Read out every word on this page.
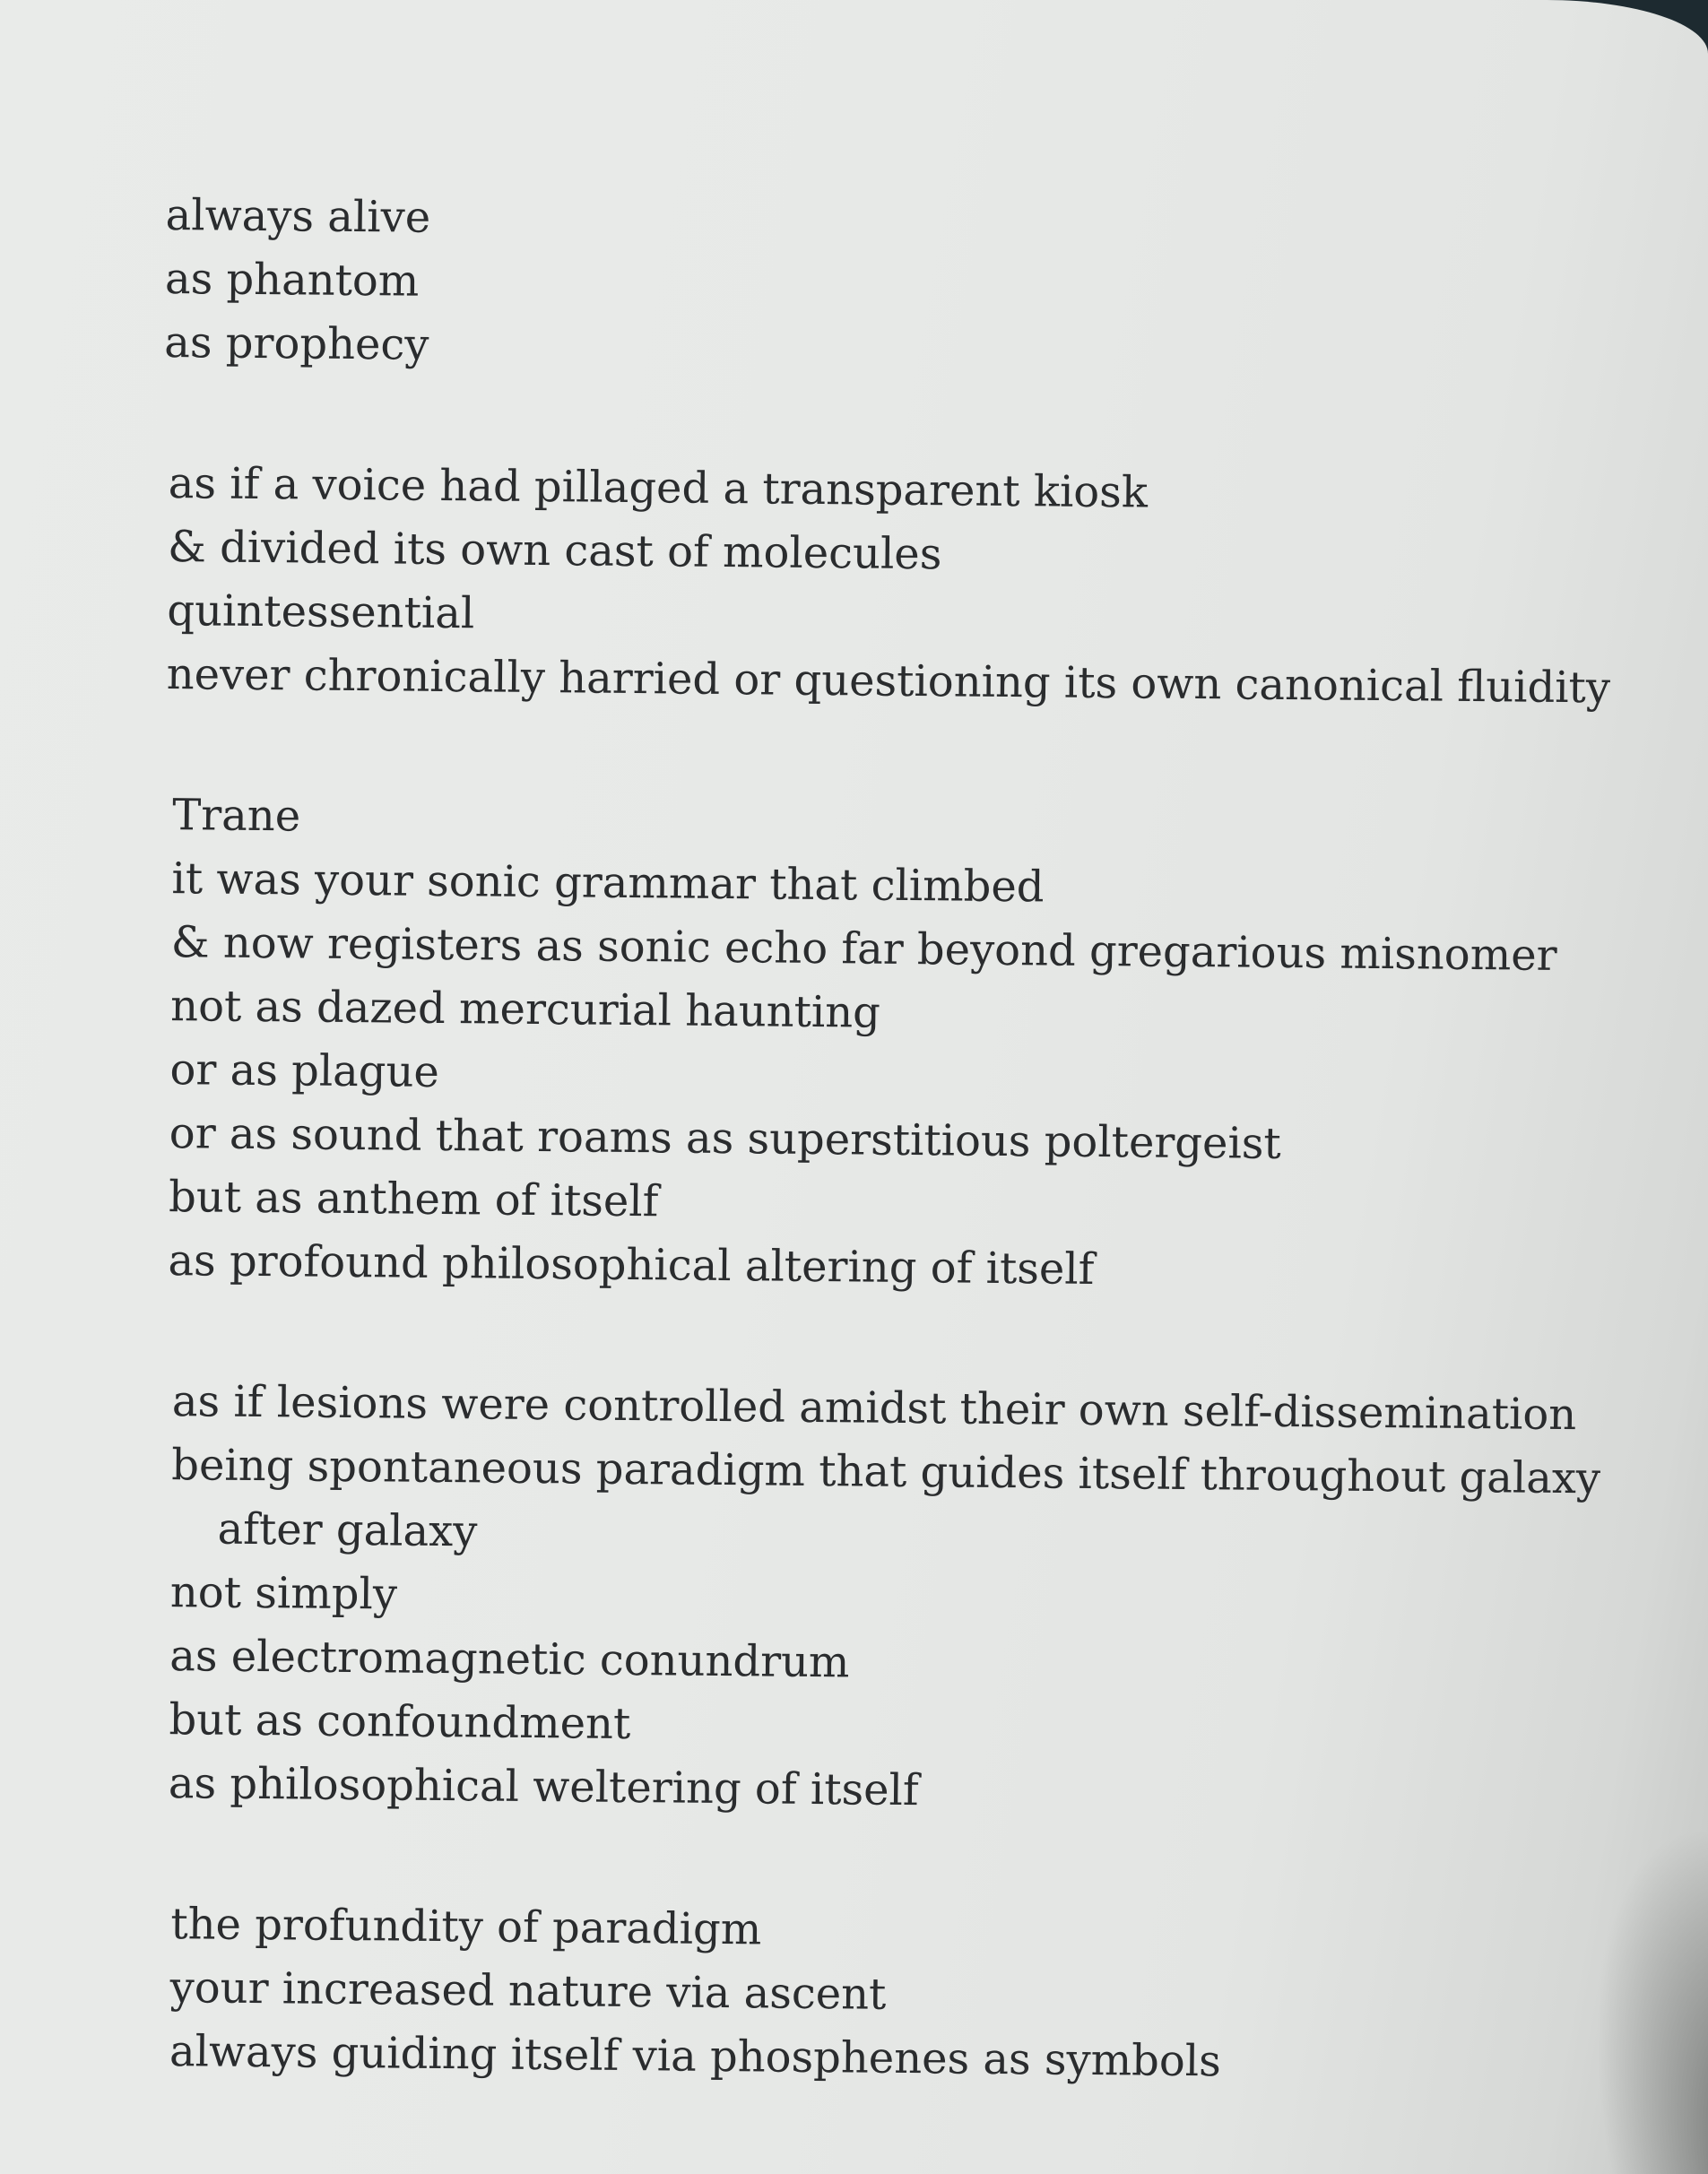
always alive
as phantom
as prophecy
as if a voice had pillaged a transparent kiosk
& divided its own cast of molecules
quintessential
never chronically harried or questioning its own canonical fluidity
Trane
it was your sonic grammar that climbed
& now registers as sonic echo far beyond gregarious misnomer
not as dazed mercurial haunting
or as plague
or as sound that roams as superstitious poltergeist
but as anthem of itself
as profound philosophical altering of itself
as if lesions were controlled amidst their own self-dissemination
being spontaneous paradigm that guides itself throughout galaxy
after galaxy
not simply
as electromagnetic conundrum
but as confoundment
as philosophical weltering of itself
the profundity of paradigm
your increased nature via ascent
always guiding itself via phosphenes as symbols
